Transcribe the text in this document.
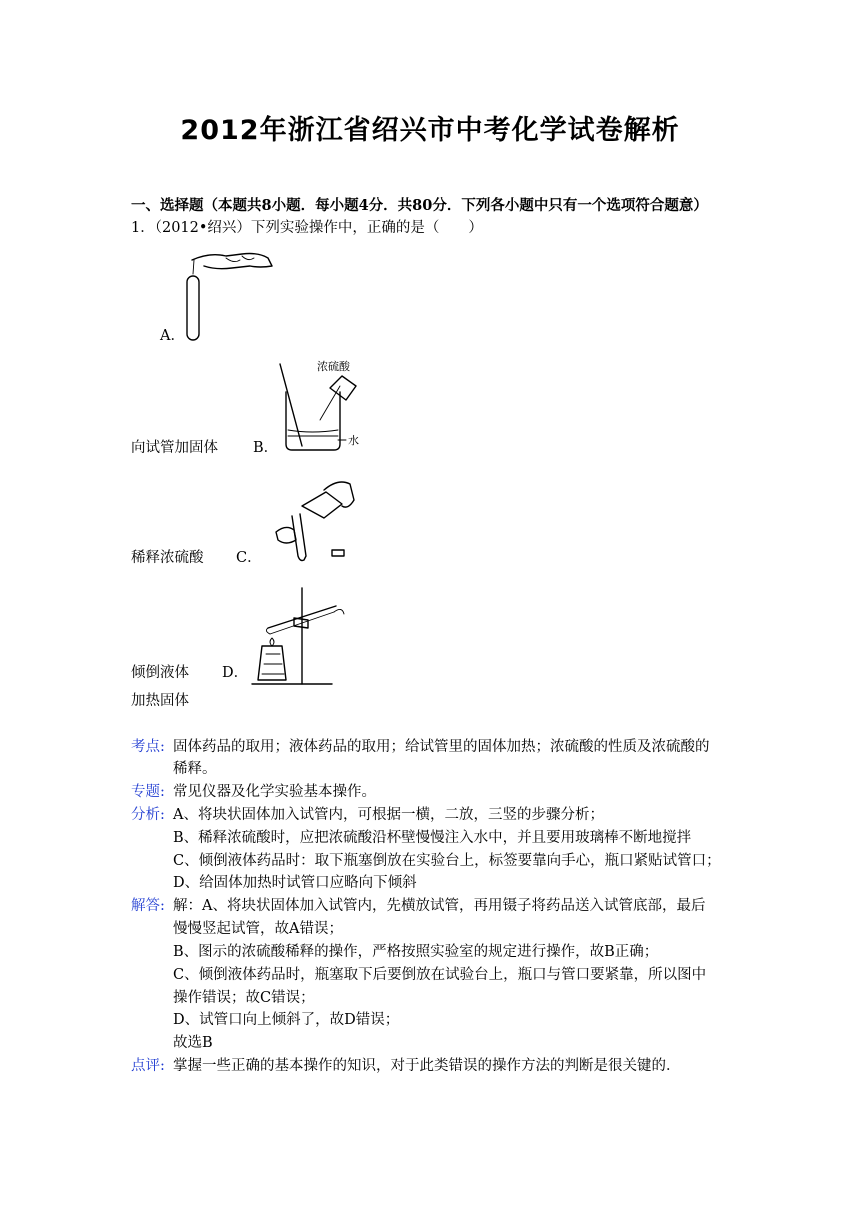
2012年浙江省绍兴市中考化学试卷解析
一、选择题（本题共8小题．每小题4分．共80分．下列各小题中只有一个选项符合题意）
1．（2012•绍兴）下列实验操作中，正确的是（　　）
A．
浓硫酸
水
向试管加固体 B．
稀释浓硫酸 C．
倾倒液体 D．
加热固体
考点: 固体药品的取用；液体药品的取用；给试管里的固体加热；浓硫酸的性质及浓硫酸的
稀释。
专题: 常见仪器及化学实验基本操作。
分析: A、将块状固体加入试管内，可根据一横，二放，三竖的步骤分析；
B、稀释浓硫酸时，应把浓硫酸沿杯壁慢慢注入水中，并且要用玻璃棒不断地搅拌
C、倾倒液体药品时：取下瓶塞倒放在实验台上，标签要靠向手心，瓶口紧贴试管口；
D、给固体加热时试管口应略向下倾斜
解答: 解：A、将块状固体加入试管内，先横放试管，再用镊子将药品送入试管底部，最后
慢慢竖起试管，故A错误；
B、图示的浓硫酸稀释的操作，严格按照实验室的规定进行操作，故B正确；
C、倾倒液体药品时，瓶塞取下后要倒放在试验台上，瓶口与管口要紧靠，所以图中
操作错误；故C错误；
D、试管口向上倾斜了，故D错误；
故选B
点评: 掌握一些正确的基本操作的知识，对于此类错误的操作方法的判断是很关键的．
